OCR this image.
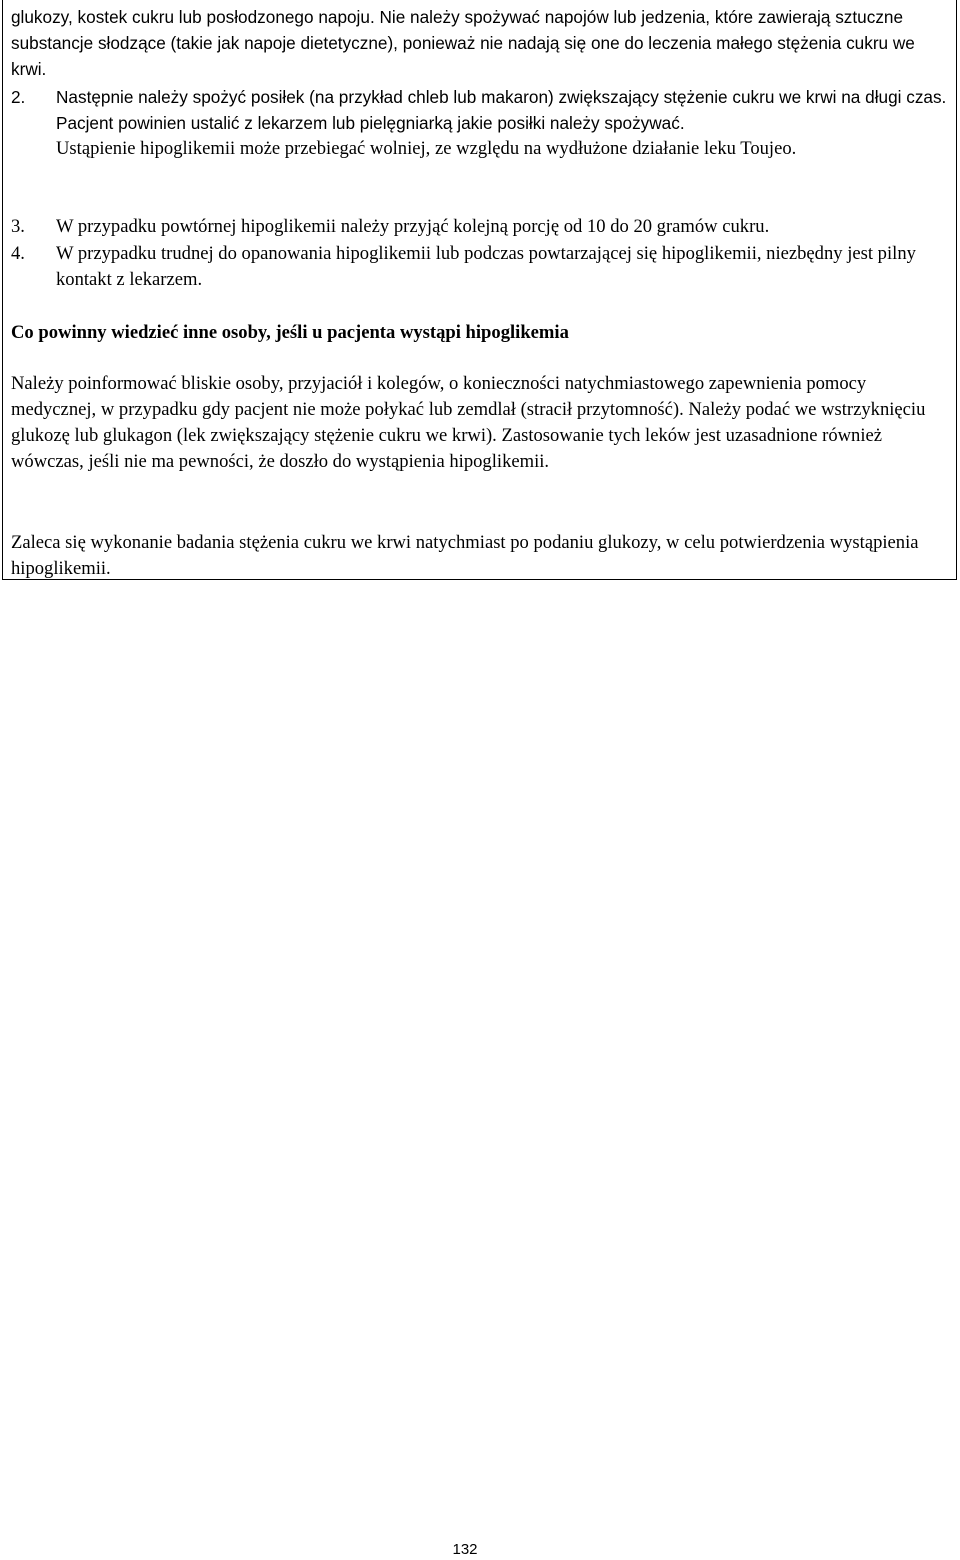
glukozy, kostek cukru lub posłodzonego napoju. Nie należy spożywać napojów lub jedzenia, które zawierają sztuczne substancje słodzące (takie jak napoje dietetyczne), ponieważ nie nadają się one do leczenia małego stężenia cukru we krwi.

2.	Następnie należy spożyć posiłek (na przykład chleb lub makaron) zwiększający stężenie cukru we krwi na długi czas. Pacjent powinien ustalić z lekarzem lub pielęgniarką jakie posiłki należy spożywać.
Ustąpienie hipoglikemii może przebiegać wolniej, ze względu na wydłużone działanie leku Toujeo.
3.	W przypadku powtórnej hipoglikemii należy przyjąć kolejną porcję od 10 do 20 gramów cukru.
4.	W przypadku trudnej do opanowania hipoglikemii lub podczas powtarzającej się hipoglikemii, niezbędny jest pilny kontakt z lekarzem.

Co powinny wiedzieć inne osoby, jeśli u pacjenta wystąpi hipoglikemia

Należy poinformować bliskie osoby, przyjaciół i kolegów, o konieczności natychmiastowego zapewnienia pomocy medycznej, w przypadku gdy pacjent nie może połykać lub zemdlał (stracił przytomność). Należy podać we wstrzyknięciu glukozę lub glukagon (lek zwiększający stężenie cukru we krwi). Zastosowanie tych leków jest uzasadnione również wówczas, jeśli nie ma pewności, że doszło do wystąpienia hipoglikemii.

Zaleca się wykonanie badania stężenia cukru we krwi natychmiast po podaniu glukozy, w celu potwierdzenia wystąpienia hipoglikemii.

132
